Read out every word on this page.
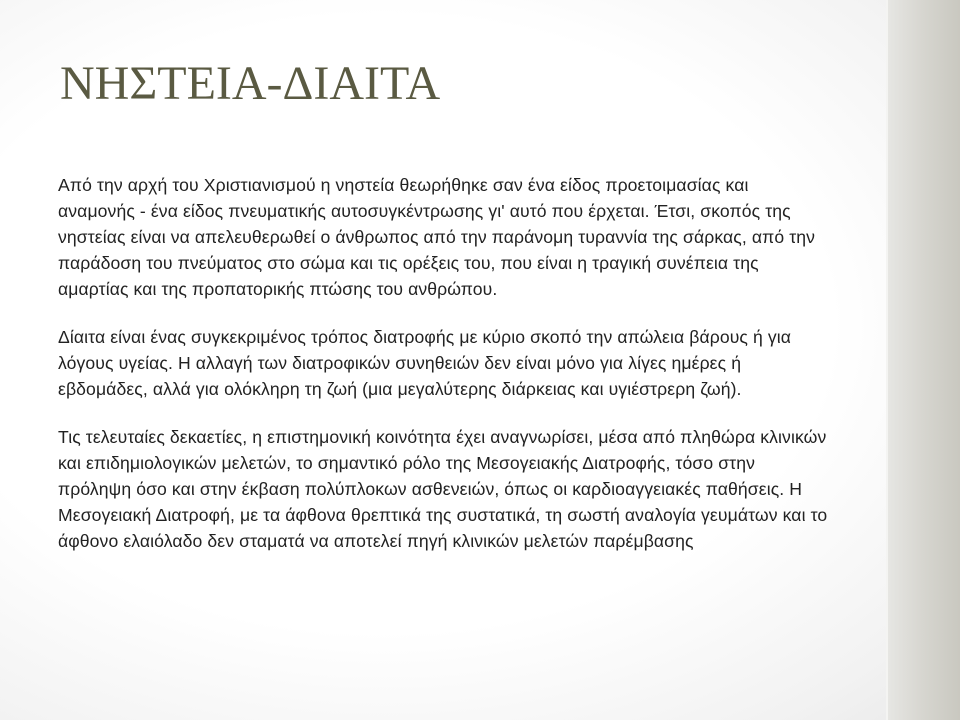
ΝΗΣΤΕΙΑ-ΔΙΑΙΤΑ

Από την αρχή του Χριστιανισμού η νηστεία θεωρήθηκε σαν ένα είδος προετοιμασίας και αναμονής - ένα είδος πνευματικής αυτοσυγκέντρωσης γι' αυτό που έρχεται. Έτσι, σκοπός της νηστείας είναι να απελευθερωθεί ο άνθρωπος από την παράνομη τυραννία της σάρκας, από την παράδοση του πνεύματος στο σώμα και τις ορέξεις του, που είναι η τραγική συνέπεια της αμαρτίας και της προπατορικής πτώσης του ανθρώπου.

Δίαιτα είναι ένας συγκεκριμένος τρόπος διατροφής με κύριο σκοπό την απώλεια βάρους ή για λόγους υγείας. Η αλλαγή των διατροφικών συνηθειών δεν είναι μόνο για λίγες ημέρες ή εβδομάδες, αλλά για ολόκληρη τη ζωή (μια μεγαλύτερης διάρκειας και υγιέστρερη ζωή).

Τις τελευταίες δεκαετίες, η επιστημονική κοινότητα έχει αναγνωρίσει, μέσα από πληθώρα κλινικών και επιδημιολογικών μελετών, το σημαντικό ρόλο της Μεσογειακής Διατροφής, τόσο στην πρόληψη όσο και στην έκβαση πολύπλοκων ασθενειών, όπως οι καρδιοαγγειακές παθήσεις. Η Μεσογειακή Διατροφή, με τα άφθονα θρεπτικά της συστατικά, τη σωστή αναλογία γευμάτων και το άφθονο ελαιόλαδο δεν σταματά να αποτελεί πηγή κλινικών μελετών παρέμβασης
